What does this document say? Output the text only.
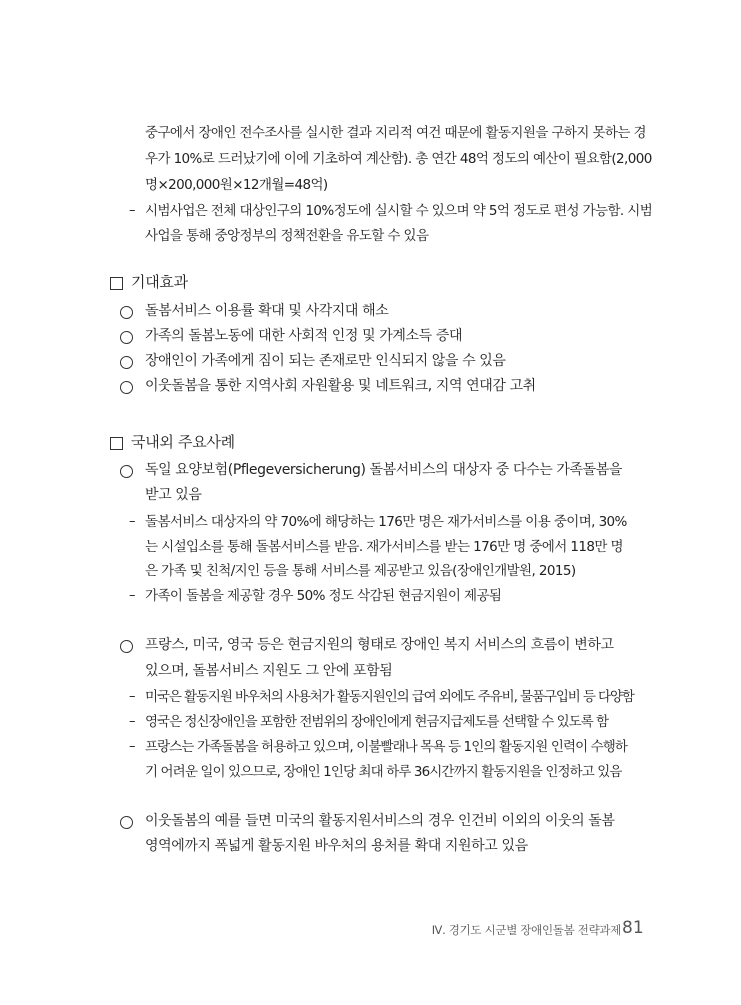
중구에서 장애인 전수조사를 실시한 결과 지리적 여건 때문에 활동지원을 구하지 못하는 경
우가 10%로 드러났기에 이에 기초하여 계산함). 총 연간 48억 정도의 예산이 필요함(2,000
명×200,000원×12개월=48억)
– 시범사업은 전체 대상인구의 10%정도에 실시할 수 있으며 약 5억 정도로 편성 가능함. 시범
사업을 통해 중앙정부의 정책전환을 유도할 수 있음
기대효과
돌봄서비스 이용률 확대 및 사각지대 해소
가족의 돌봄노동에 대한 사회적 인정 및 가계소득 증대
장애인이 가족에게 짐이 되는 존재로만 인식되지 않을 수 있음
이웃돌봄을 통한 지역사회 자원활용 및 네트워크, 지역 연대감 고취
국내외 주요사례
독일 요양보험(Pflegeversicherung) 돌봄서비스의 대상자 중 다수는 가족돌봄을
받고 있음
– 돌봄서비스 대상자의 약 70%에 해당하는 176만 명은 재가서비스를 이용 중이며, 30%
는 시설입소를 통해 돌봄서비스를 받음. 재가서비스를 받는 176만 명 중에서 118만 명
은 가족 및 친척/지인 등을 통해 서비스를 제공받고 있음(장애인개발원, 2015)
– 가족이 돌봄을 제공할 경우 50% 정도 삭감된 현금지원이 제공됨
프랑스, 미국, 영국 등은 현금지원의 형태로 장애인 복지 서비스의 흐름이 변하고
있으며, 돌봄서비스 지원도 그 안에 포함됨
– 미국은 활동지원 바우처의 사용처가 활동지원인의 급여 외에도 주유비, 물품구입비 등 다양함
– 영국은 정신장애인을 포함한 전범위의 장애인에게 현금지급제도를 선택할 수 있도록 함
– 프랑스는 가족돌봄을 허용하고 있으며, 이불빨래나 목욕 등 1인의 활동지원 인력이 수행하
기 어려운 일이 있으므로, 장애인 1인당 최대 하루 36시간까지 활동지원을 인정하고 있음
이웃돌봄의 예를 들면 미국의 활동지원서비스의 경우 인건비 이외의 이웃의 돌봄
영역에까지 폭넓게 활동지원 바우처의 용처를 확대 지원하고 있음
Ⅳ. 경기도 시군별 장애인돌봄 전략과제 81
